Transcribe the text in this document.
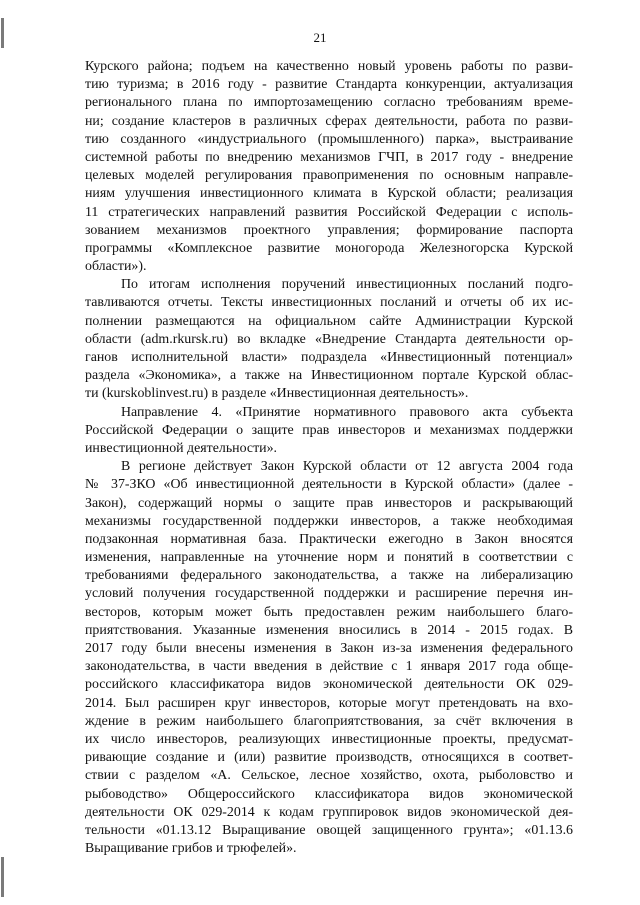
21
Курского района; подъем на качественно новый уровень работы по разви-
тию туризма; в 2016 году - развитие Стандарта конкуренции, актуализация
регионального плана по импортозамещению согласно требованиям време-
ни; создание кластеров в различных сферах деятельности, работа по разви-
тию созданного «индустриального (промышленного) парка», выстраивание
системной работы по внедрению механизмов ГЧП, в 2017 году - внедрение
целевых моделей регулирования правоприменения по основным направле-
ниям улучшения инвестиционного климата в Курской области; реализация
11 стратегических направлений развития Российской Федерации с исполь-
зованием механизмов проектного управления; формирование паспорта
программы «Комплексное развитие моногорода Железногорска Курской
области»).
По итогам исполнения поручений инвестиционных посланий подго-
тавливаются отчеты. Тексты инвестиционных посланий и отчеты об их ис-
полнении размещаются на официальном сайте Администрации Курской
области (adm.rkursk.ru) во вкладке «Внедрение Стандарта деятельности ор-
ганов исполнительной власти» подраздела «Инвестиционный потенциал»
раздела «Экономика», а также на Инвестиционном портале Курской облас-
ти (kurskoblinvest.ru) в разделе «Инвестиционная деятельность».
Направление 4. «Принятие нормативного правового акта субъекта
Российской Федерации о защите прав инвесторов и механизмах поддержки
инвестиционной деятельности».
В регионе действует Закон Курской области от 12 августа 2004 года
№ 37-ЗКО «Об инвестиционной деятельности в Курской области» (далее -
Закон), содержащий нормы о защите прав инвесторов и раскрывающий
механизмы государственной поддержки инвесторов, а также необходимая
подзаконная нормативная база. Практически ежегодно в Закон вносятся
изменения, направленные на уточнение норм и понятий в соответствии с
требованиями федерального законодательства, а также на либерализацию
условий получения государственной поддержки и расширение перечня ин-
весторов, которым может быть предоставлен режим наибольшего благо-
приятствования. Указанные изменения вносились в 2014 - 2015 годах. В
2017 году были внесены изменения в Закон из-за изменения федерального
законодательства, в части введения в действие с 1 января 2017 года обще-
российского классификатора видов экономической деятельности ОК 029-
2014. Был расширен круг инвесторов, которые могут претендовать на вхо-
ждение в режим наибольшего благоприятствования, за счёт включения в
их число инвесторов, реализующих инвестиционные проекты, предусмат-
ривающие создание и (или) развитие производств, относящихся в соответ-
ствии с разделом «А. Сельское, лесное хозяйство, охота, рыболовство и
рыбоводство» Общероссийского классификатора видов экономической
деятельности ОК 029-2014 к кодам группировок видов экономической дея-
тельности «01.13.12 Выращивание овощей защищенного грунта»; «01.13.6
Выращивание грибов и трюфелей».
